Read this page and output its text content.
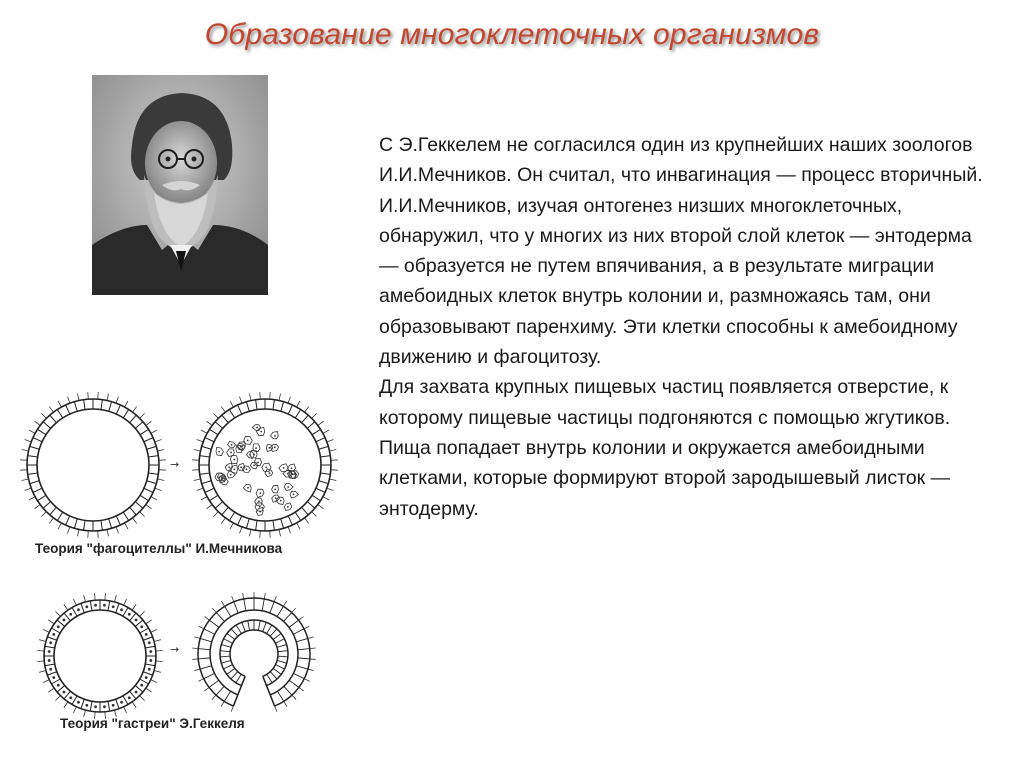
Образование многоклеточных организмов
→
Теория "фагоцителлы" И.Мечникова
→
Теория "гастреи" Э.Геккеля

С Э.Геккелем не согласился один из крупнейших наших зоологов И.И.Мечников. Он считал, что инвагинация — процесс вторичный.

И.И.Мечников, изучая онтогенез низших многоклеточных, обнаружил, что у многих из них второй слой клеток — энтодерма — образуется не путем впячивания, а в результате миграции амебоидных клеток внутрь колонии и, размножаясь там, они образовывают паренхиму. Эти клетки способны к амебоидному движению и фагоцитозу.

Для захвата крупных пищевых частиц появляется отверстие, к которому пищевые частицы подгоняются с помощью жгутиков. Пища попадает внутрь колонии и окружается амебоидными клетками, которые формируют второй зародышевый листок — энтодерму.
